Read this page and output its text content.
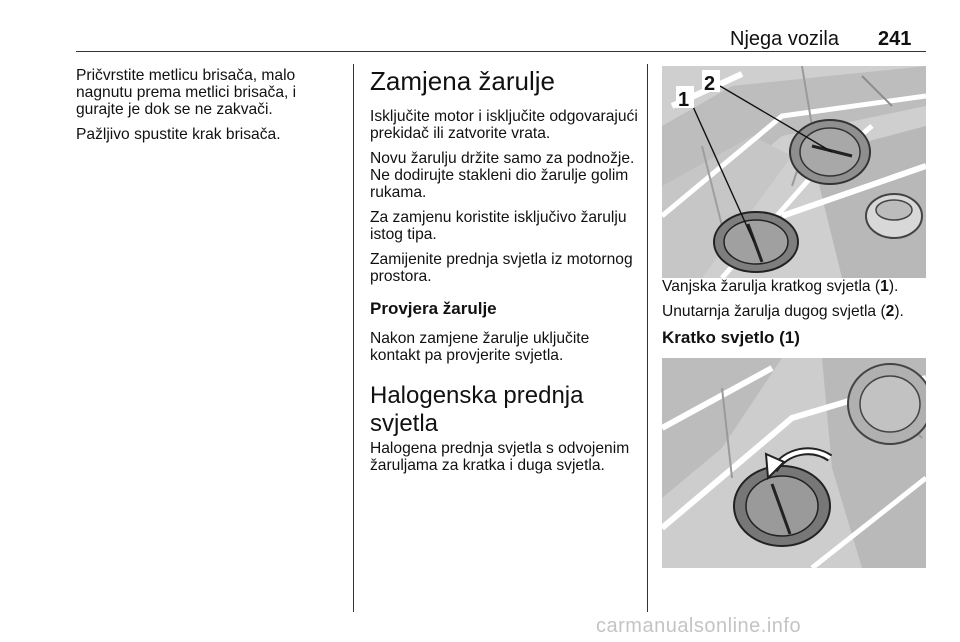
Njega vozila 241

Pričvrstite metlicu brisača, malo nagnutu prema metlici brisača, i gurajte je dok se ne zakvači.

Pažljivo spustite krak brisača.

Zamjena žarulje

Isključite motor i isključite odgovarajući prekidač ili zatvorite vrata.

Novu žarulju držite samo za podnožje. Ne dodirujte stakleni dio žarulje golim rukama.

Za zamjenu koristite isključivo žarulju istog tipa.

Zamijenite prednja svjetla iz motornog prostora.

Provjera žarulje

Nakon zamjene žarulje uključite kontakt pa provjerite svjetla.

Halogenska prednja svjetla

Halogena prednja svjetla s odvojenim žaruljama za kratka i duga svjetla.

1
2

Vanjska žarulja kratkog svjetla (1).

Unutarnja žarulja dugog svjetla (2).

Kratko svjetlo (1)
carmanualsonline.info
